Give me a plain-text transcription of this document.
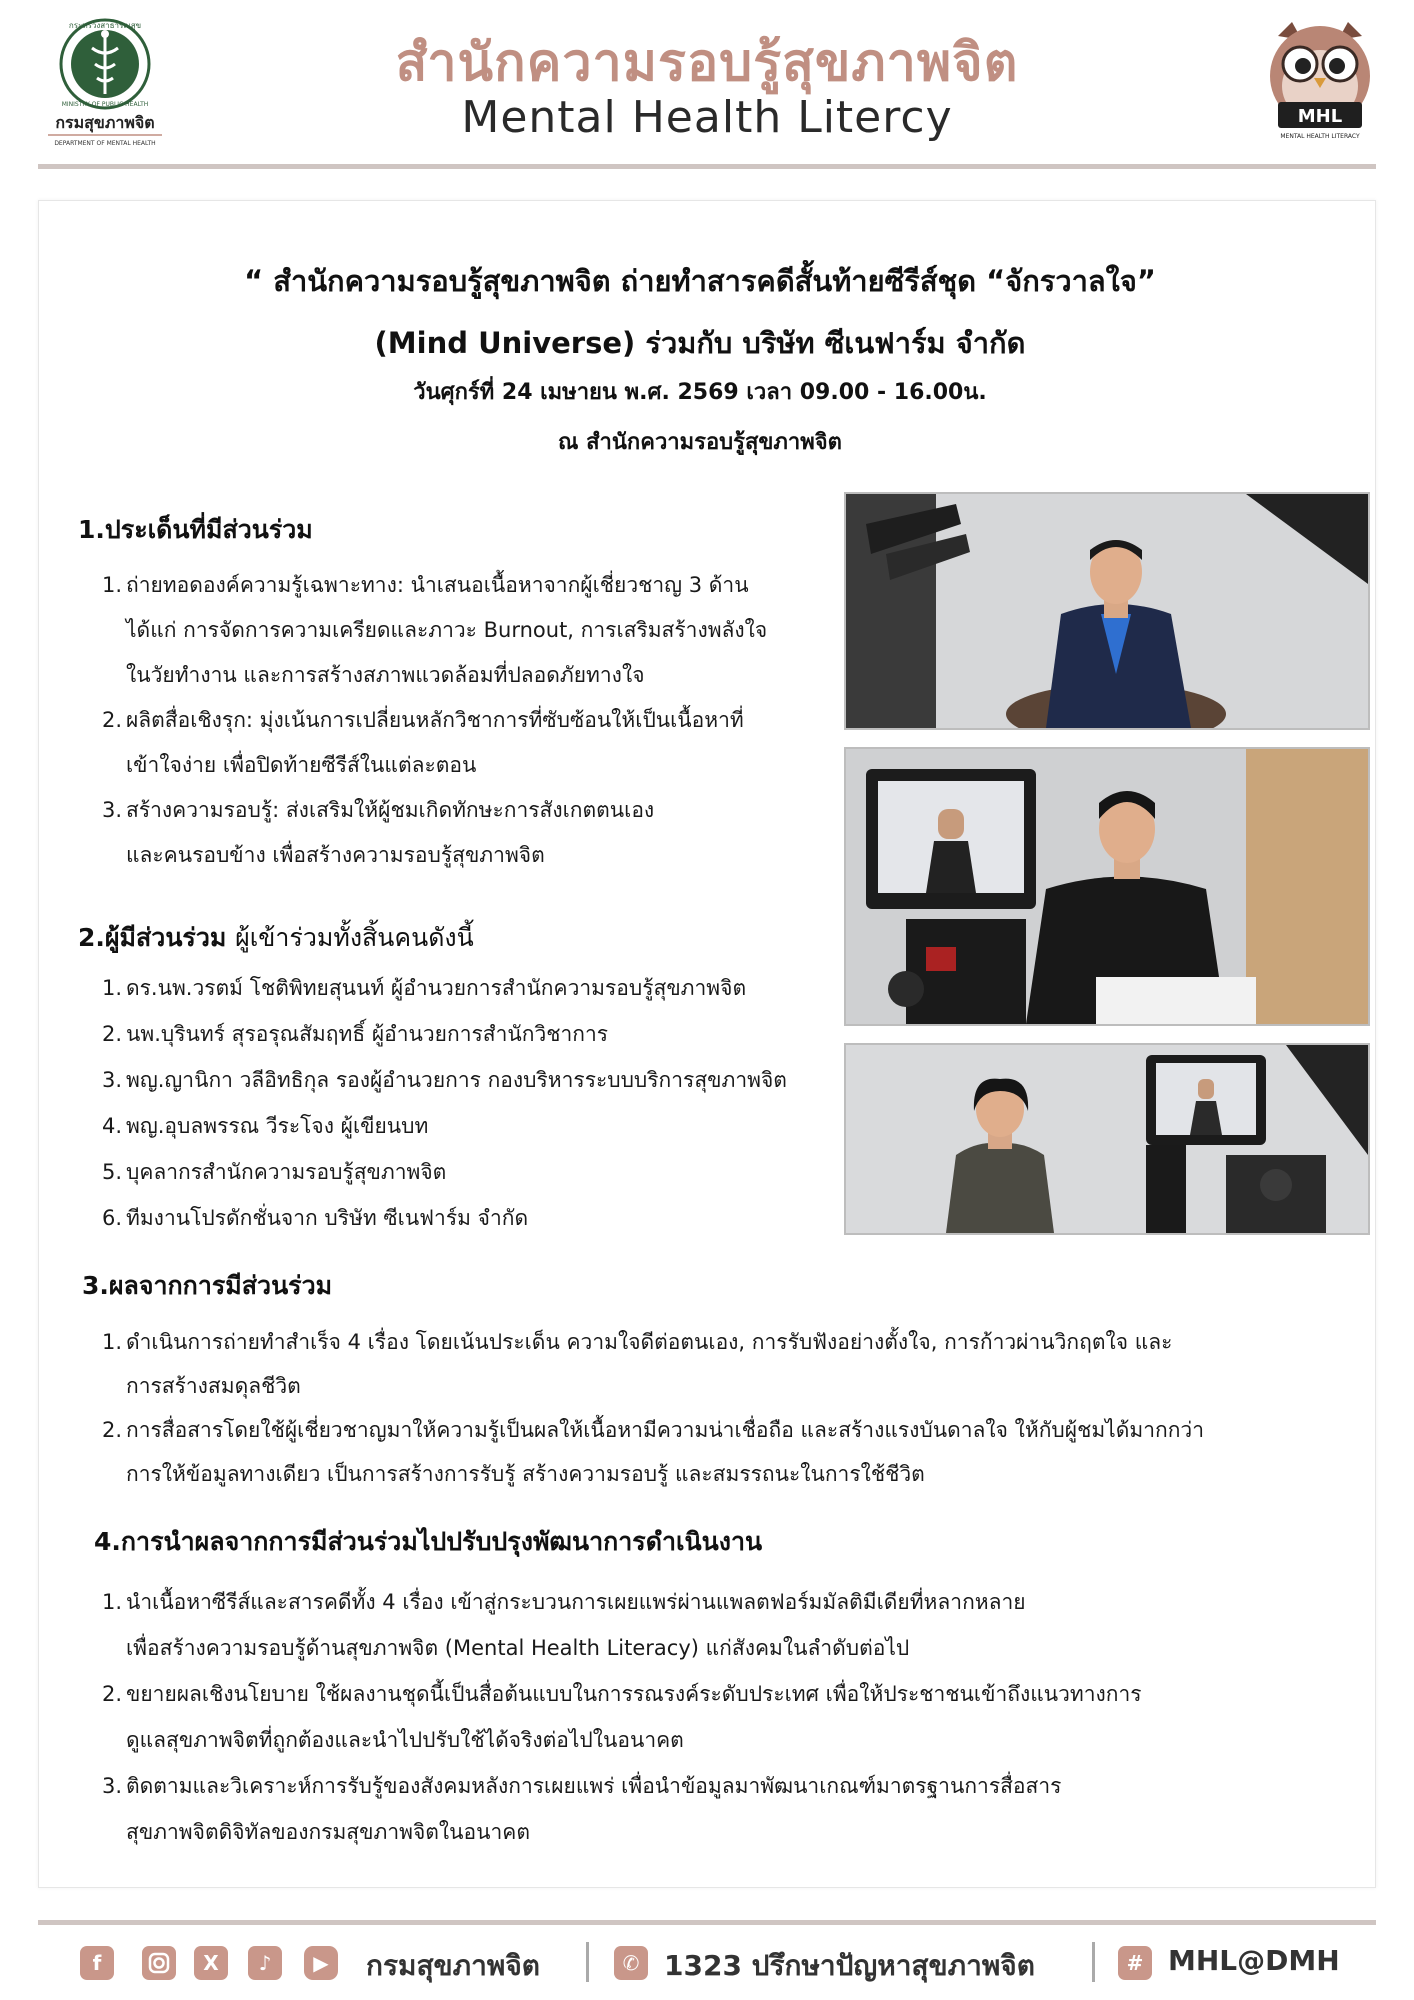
กระทรวงสาธารณสุข
MINISTRY OF PUBLIC HEALTH
กรมสุขภาพจิต
DEPARTMENT OF MENTAL HEALTH
สำนักความรอบรู้สุขภาพจิต
Mental Health Litercy	MHL
MENTAL HEALTH LITERACY
“ สำนักความรอบรู้สุขภาพจิต ถ่ายทำสารคดีสั้นท้ายซีรีส์ชุด “จักรวาลใจ”
(Mind Universe) ร่วมกับ บริษัท ซีเนฟาร์ม จำกัด
วันศุกร์ที่ 24 เมษายน พ.ศ. 2569 เวลา 09.00 - 16.00น.
ณ สำนักความรอบรู้สุขภาพจิต
1.ประเด็นที่มีส่วนร่วม
1. ถ่ายทอดองค์ความรู้เฉพาะทาง: นำเสนอเนื้อหาจากผู้เชี่ยวชาญ 3 ด้าน
ได้แก่ การจัดการความเครียดและภาวะ Burnout, การเสริมสร้างพลังใจ
ในวัยทำงาน และการสร้างสภาพแวดล้อมที่ปลอดภัยทางใจ
2. ผลิตสื่อเชิงรุก: มุ่งเน้นการเปลี่ยนหลักวิชาการที่ซับซ้อนให้เป็นเนื้อหาที่
เข้าใจง่าย เพื่อปิดท้ายซีรีส์ในแต่ละตอน
3. สร้างความรอบรู้: ส่งเสริมให้ผู้ชมเกิดทักษะการสังเกตตนเอง
และคนรอบข้าง เพื่อสร้างความรอบรู้สุขภาพจิต
2.ผู้มีส่วนร่วม ผู้เข้าร่วมทั้งสิ้นคนดังนี้
1. ดร.นพ.วรตม์ โชติพิทยสุนนท์ ผู้อำนวยการสำนักความรอบรู้สุขภาพจิต
2. นพ.บุรินทร์ สุรอรุณสัมฤทธิ์ ผู้อำนวยการสำนักวิชาการ
3. พญ.ญานิกา วลีอิทธิกุล รองผู้อำนวยการ กองบริหารระบบบริการสุขภาพจิต
4. พญ.อุบลพรรณ วีระโจง ผู้เขียนบท
5. บุคลากรสำนักความรอบรู้สุขภาพจิต
6. ทีมงานโปรดักชั่นจาก บริษัท ซีเนฟาร์ม จำกัด
3.ผลจากการมีส่วนร่วม
1. ดำเนินการถ่ายทำสำเร็จ 4 เรื่อง โดยเน้นประเด็น ความใจดีต่อตนเอง, การรับฟังอย่างตั้งใจ, การก้าวผ่านวิกฤตใจ และ
การสร้างสมดุลชีวิต
2. การสื่อสารโดยใช้ผู้เชี่ยวชาญมาให้ความรู้เป็นผลให้เนื้อหามีความน่าเชื่อถือ และสร้างแรงบันดาลใจ ให้กับผู้ชมได้มากกว่า
การให้ข้อมูลทางเดียว เป็นการสร้างการรับรู้ สร้างความรอบรู้ และสมรรถนะในการใช้ชีวิต
4.การนำผลจากการมีส่วนร่วมไปปรับปรุงพัฒนาการดำเนินงาน
1. นำเนื้อหาซีรีส์และสารคดีทั้ง 4 เรื่อง เข้าสู่กระบวนการเผยแพร่ผ่านแพลตฟอร์มมัลติมีเดียที่หลากหลาย
เพื่อสร้างความรอบรู้ด้านสุขภาพจิต (Mental Health Literacy) แก่สังคมในลำดับต่อไป
2. ขยายผลเชิงนโยบาย ใช้ผลงานชุดนี้เป็นสื่อต้นแบบในการรณรงค์ระดับประเทศ เพื่อให้ประชาชนเข้าถึงแนวทางการ
ดูแลสุขภาพจิตที่ถูกต้องและนำไปปรับใช้ได้จริงต่อไปในอนาคต
3. ติดตามและวิเคราะห์การรับรู้ของสังคมหลังการเผยแพร่ เพื่อนำข้อมูลมาพัฒนาเกณฑ์มาตรฐานการสื่อสาร
สุขภาพจิตดิจิทัลของกรมสุขภาพจิตในอนาคต
f	X	♪	▶	กรมสุขภาพจิต	✆ 1323 ปรึกษาปัญหาสุขภาพจิต	# MHL@DMH
